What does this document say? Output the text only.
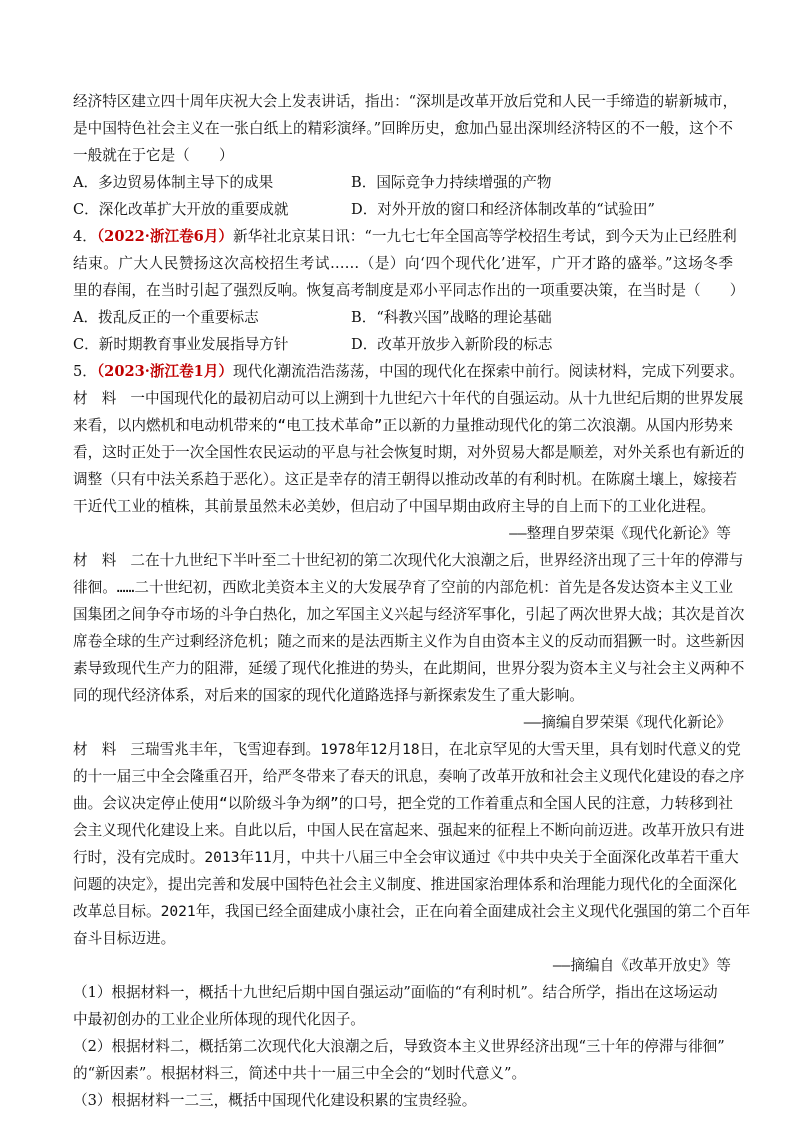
经济特区建立四十周年庆祝大会上发表讲话，指出：“深圳是改革开放后党和人民一手缔造的崭新城市，
是中国特色社会主义在一张白纸上的精彩演绎。”回眸历史，愈加凸显出深圳经济特区的不一般，这个不
一般就在于它是（　　）
A．多边贸易体制主导下的成果	B．国际竞争力持续增强的产物
C．深化改革扩大开放的重要成就	D．对外开放的窗口和经济体制改革的“试验田”
4．（2022·浙江卷6月）新华社北京某日讯：“一九七七年全国高等学校招生考试，到今天为止已经胜利
结束。广大人民赞扬这次高校招生考试……（是）向‘四个现代化’进军，广开才路的盛举。”这场冬季
里的春闱，在当时引起了强烈反响。恢复高考制度是邓小平同志作出的一项重要决策，在当时是（　　）
A．拨乱反正的一个重要标志	B．“科教兴国”战略的理论基础
C．新时期教育事业发展指导方针	D．改革开放步入新阶段的标志
5．（2023·浙江卷1月）现代化潮流浩浩荡荡，中国的现代化在探索中前行。阅读材料，完成下列要求。
材料一中国现代化的最初启动可以上溯到十九世纪六十年代的自强运动。从十九世纪后期的世界发展
来看，以内燃机和电动机带来的“电工技术革命”正以新的力量推动现代化的第二次浪潮。从国内形势来
看，这时正处于一次全国性农民运动的平息与社会恢复时期，对外贸易大都是顺差，对外关系也有新近的
调整（只有中法关系趋于恶化）。这正是幸存的清王朝得以推动改革的有利时机。在陈腐土壤上，嫁接若
干近代工业的植株，其前景虽然未必美妙，但启动了中国早期由政府主导的自上而下的工业化进程。
——整理自罗荣渠《现代化新论》等
材料二在十九世纪下半叶至二十世纪初的第二次现代化大浪潮之后，世界经济出现了三十年的停滞与
徘徊。……二十世纪初，西欧北美资本主义的大发展孕育了空前的内部危机：首先是各发达资本主义工业
国集团之间争夺市场的斗争白热化，加之军国主义兴起与经济军事化，引起了两次世界大战；其次是首次
席卷全球的生产过剩经济危机；随之而来的是法西斯主义作为自由资本主义的反动而猖獗一时。这些新因
素导致现代生产力的阻滞，延缓了现代化推进的势头，在此期间，世界分裂为资本主义与社会主义两种不
同的现代经济体系，对后来的国家的现代化道路选择与新探索发生了重大影响。
——摘编自罗荣渠《现代化新论》
材料三瑞雪兆丰年，飞雪迎春到。1978年12月18日，在北京罕见的大雪天里，具有划时代意义的党
的十一届三中全会隆重召开，给严冬带来了春天的讯息，奏响了改革开放和社会主义现代化建设的春之序
曲。会议决定停止使用“以阶级斗争为纲”的口号，把全党的工作着重点和全国人民的注意，力转移到社
会主义现代化建设上来。自此以后，中国人民在富起来、强起来的征程上不断向前迈进。改革开放只有进
行时，没有完成时。2013年11月，中共十八届三中全会审议通过《中共中央关于全面深化改革若干重大
问题的决定》，提出完善和发展中国特色社会主义制度、推进国家治理体系和治理能力现代化的全面深化
改革总目标。2021年，我国已经全面建成小康社会，正在向着全面建成社会主义现代化强国的第二个百年
奋斗目标迈进。
——摘编自《改革开放史》等
（1）根据材料一，概括十九世纪后期中国自强运动”面临的“有利时机”。结合所学，指出在这场运动
中最初创办的工业企业所体现的现代化因子。
（2）根据材料二，概括第二次现代化大浪潮之后，导致资本主义世界经济出现“三十年的停滞与徘徊”
的“新因素”。根据材料三，简述中共十一届三中全会的“划时代意义”。
（3）根据材料一二三，概括中国现代化建设积累的宝贵经验。
